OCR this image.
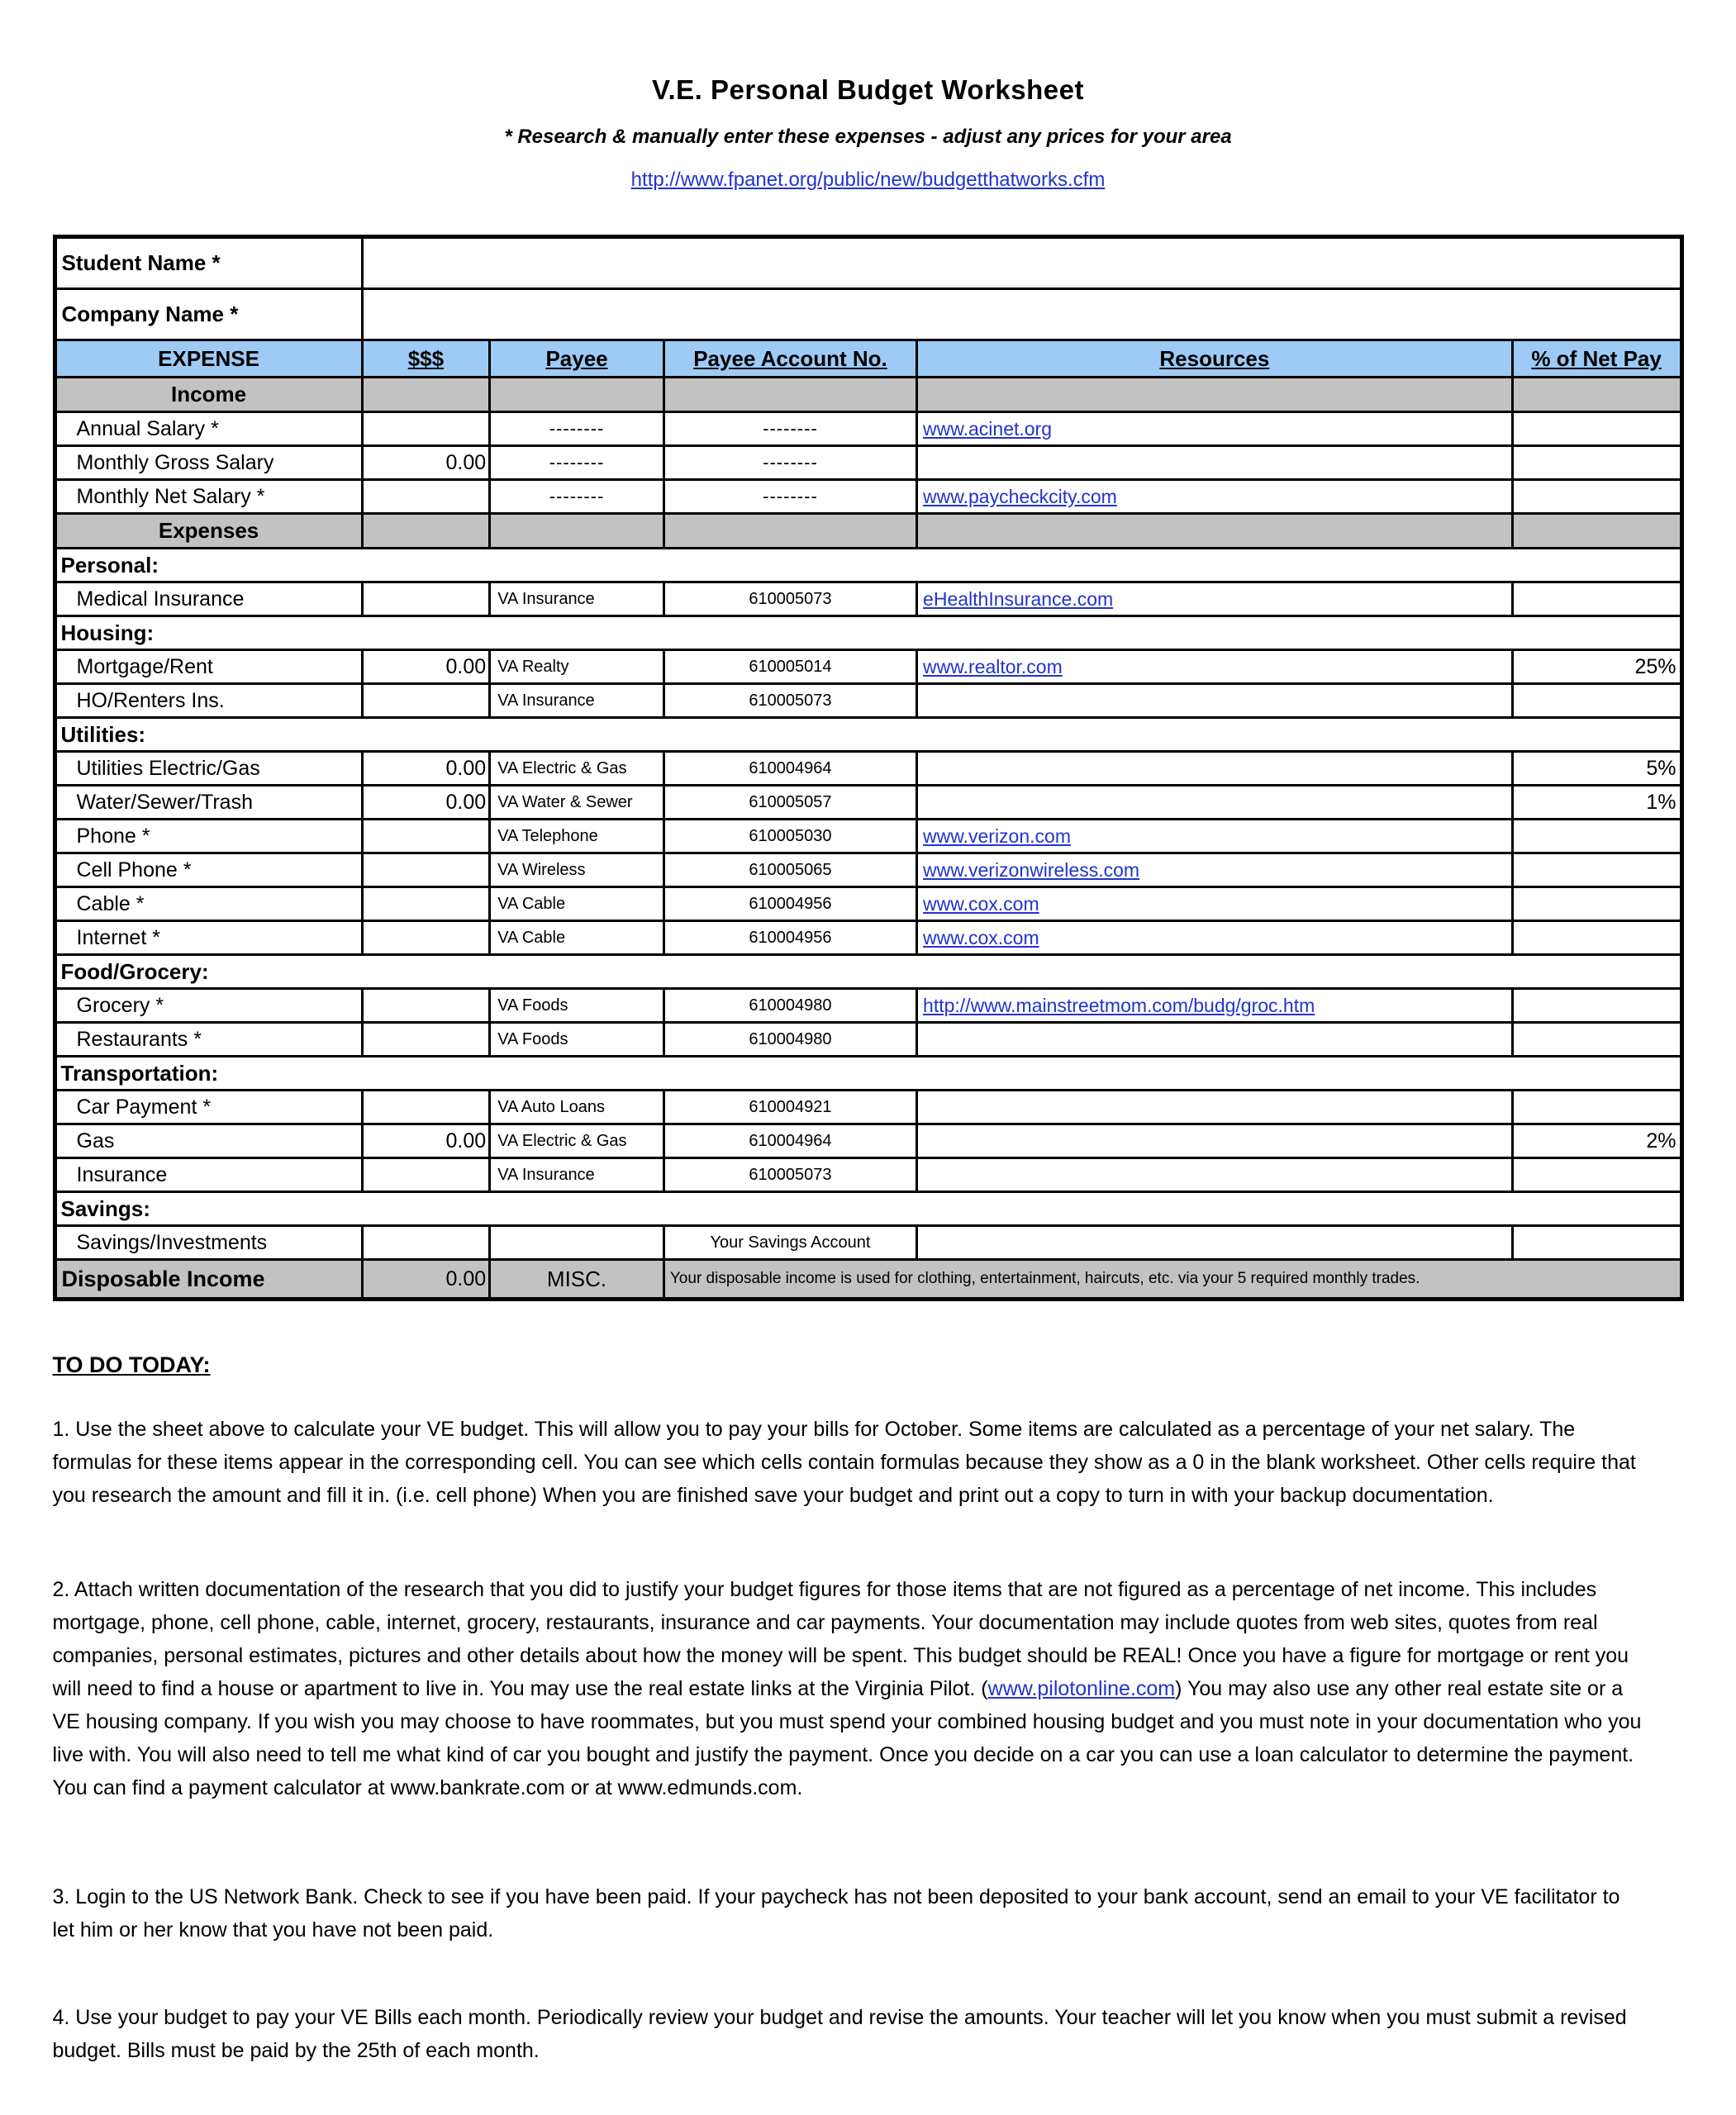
V.E. Personal Budget Worksheet

* Research & manually enter these expenses - adjust any prices for your area

http://www.fpanet.org/public/new/budgetthatworks.cfm

Student Name *					
Company Name *					
EXPENSE	$$$	Payee	Payee Account No.	Resources	% of Net Pay
Income					
Annual Salary *		--------	--------	www.acinet.org	
Monthly Gross Salary	0.00	--------	--------		
Monthly Net Salary *		--------	--------	www.paycheckcity.com	
Expenses					
Personal:					
Medical Insurance		VA Insurance	610005073	eHealthInsurance.com	
Housing:					
Mortgage/Rent	0.00	VA Realty	610005014	www.realtor.com	25%
HO/Renters Ins.		VA Insurance	610005073		
Utilities:					
Utilities Electric/Gas	0.00	VA Electric & Gas	610004964		5%
Water/Sewer/Trash	0.00	VA Water & Sewer	610005057		1%
Phone *		VA Telephone	610005030	www.verizon.com	
Cell Phone *		VA Wireless	610005065	www.verizonwireless.com	
Cable *		VA Cable	610004956	www.cox.com	
Internet *		VA Cable	610004956	www.cox.com	
Food/Grocery:					
Grocery *		VA Foods	610004980	http://www.mainstreetmom.com/budg/groc.htm	
Restaurants *		VA Foods	610004980		
Transportation:					
Car Payment *		VA Auto Loans	610004921		
Gas	0.00	VA Electric & Gas	610004964		2%
Insurance		VA Insurance	610005073		
Savings:					
Savings/Investments			Your Savings Account		
Disposable Income	0.00	MISC.	Your disposable income is used for clothing, entertainment, haircuts, etc. via your 5 required monthly trades.		
TO DO TODAY:

1. Use the sheet above to calculate your VE budget. This will allow you to pay your bills for October. Some items are calculated as a percentage of your net salary. The formulas for these items appear in the corresponding cell. You can see which cells contain formulas because they show as a 0 in the blank worksheet. Other cells require that you research the amount and fill it in. (i.e. cell phone) When you are finished save your budget and print out a copy to turn in with your backup documentation.

2. Attach written documentation of the research that you did to justify your budget figures for those items that are not figured as a percentage of net income. This includes mortgage, phone, cell phone, cable, internet, grocery, restaurants, insurance and car payments. Your documentation may include quotes from web sites, quotes from real companies, personal estimates, pictures and other details about how the money will be spent. This budget should be REAL! Once you have a figure for mortgage or rent you will need to find a house or apartment to live in. You may use the real estate links at the Virginia Pilot. (www.pilotonline.com) You may also use any other real estate site or a VE housing company. If you wish you may choose to have roommates, but you must spend your combined housing budget and you must note in your documentation who you live with. You will also need to tell me what kind of car you bought and justify the payment. Once you decide on a car you can use a loan calculator to determine the payment. You can find a payment calculator at www.bankrate.com or at www.edmunds.com.

3. Login to the US Network Bank. Check to see if you have been paid. If your paycheck has not been deposited to your bank account, send an email to your VE facilitator to let him or her know that you have not been paid.

4. Use your budget to pay your VE Bills each month. Periodically review your budget and revise the amounts. Your teacher will let you know when you must submit a revised budget. Bills must be paid by the 25th of each month.
